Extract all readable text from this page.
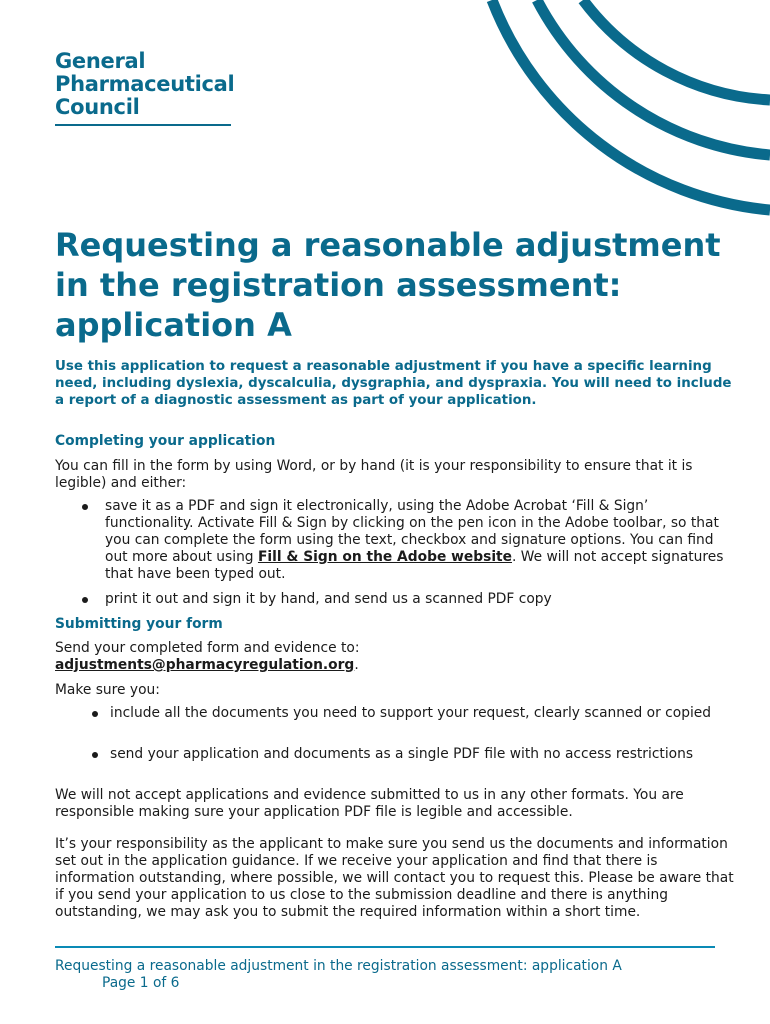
General
Pharmaceutical
Council
Requesting a reasonable adjustment in the registration assessment: application A

Use this application to request a reasonable adjustment if you have a specific learning need, including dyslexia, dyscalculia, dysgraphia, and dyspraxia. You will need to include a report of a diagnostic assessment as part of your application.

Completing your application

You can fill in the form by using Word, or by hand (it is your responsibility to ensure that it is legible) and either:

save it as a PDF and sign it electronically, using the Adobe Acrobat ‘Fill & Sign’ functionality. Activate Fill & Sign by clicking on the pen icon in the Adobe toolbar, so that you can complete the form using the text, checkbox and signature options. You can find out more about using Fill & Sign on the Adobe website. We will not accept signatures that have been typed out.

print it out and sign it by hand, and send us a scanned PDF copy

Submitting your form

Send your completed form and evidence to: adjustments@pharmacyregulation.org.

Make sure you:

include all the documents you need to support your request, clearly scanned or copied

send your application and documents as a single PDF file with no access restrictions

We will not accept applications and evidence submitted to us in any other formats. You are responsible making sure your application PDF file is legible and accessible.

It’s your responsibility as the applicant to make sure you send us the documents and information set out in the application guidance. If we receive your application and find that there is information outstanding, where possible, we will contact you to request this. Please be aware that if you send your application to us close to the submission deadline and there is anything outstanding, we may ask you to submit the required information within a short time.

Requesting a reasonable adjustment in the registration assessment: application A
Page 1 of 6
